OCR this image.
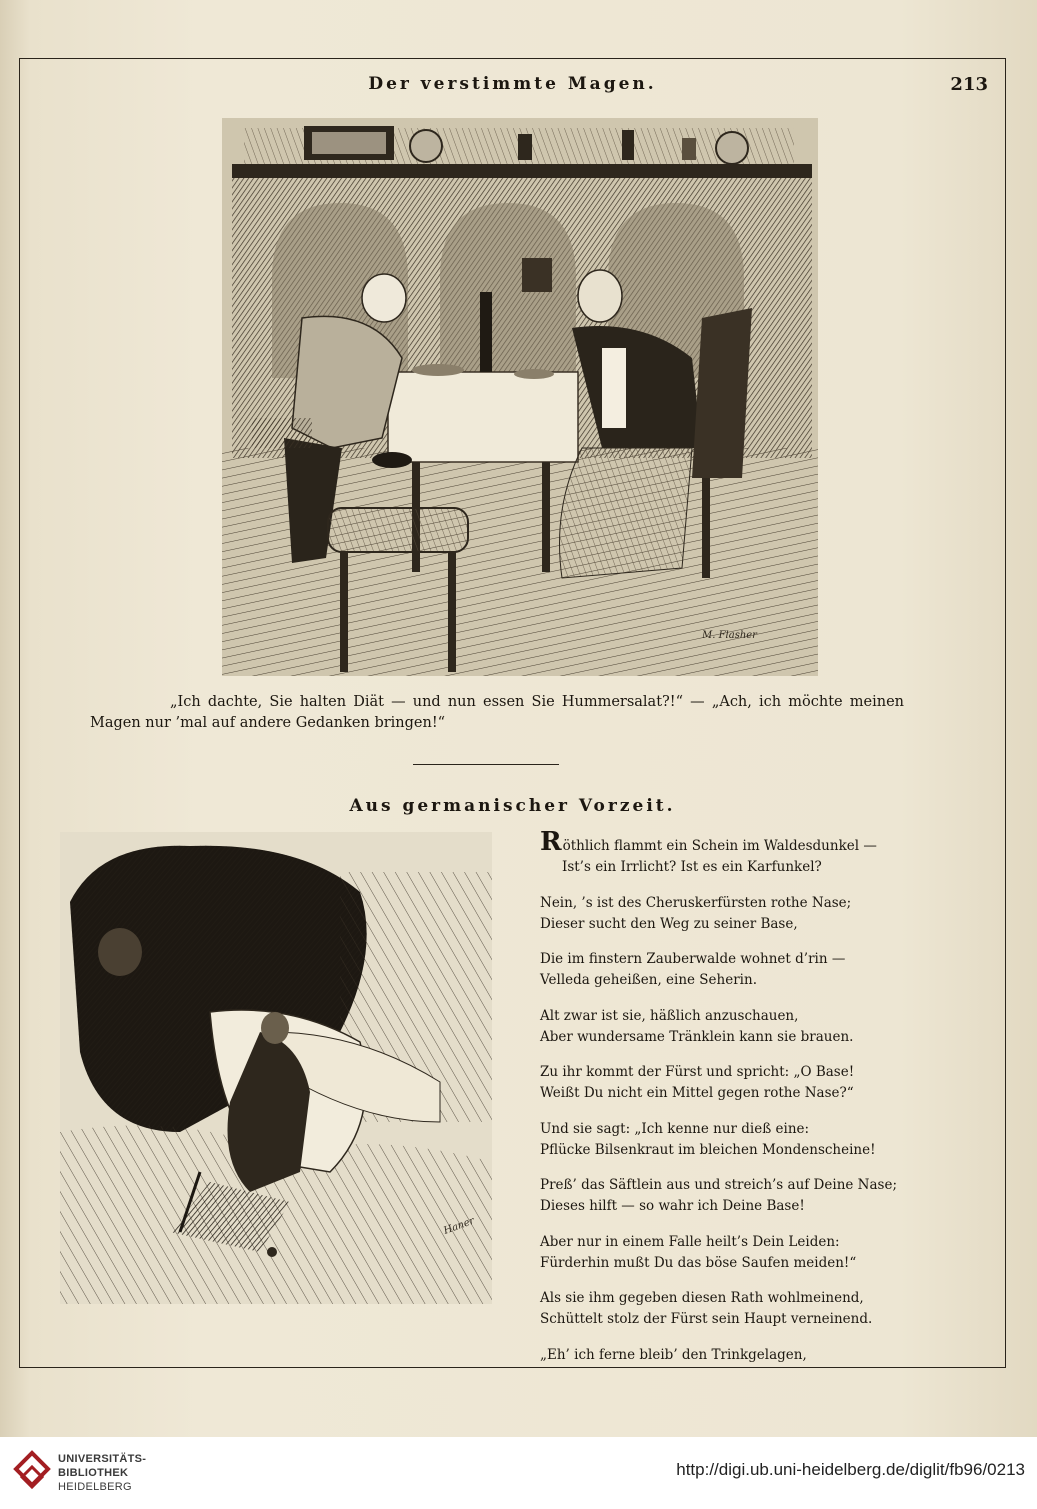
Der verstimmte Magen.	213
M. Flasher
„Ich dachte, Sie halten Diät — und nun essen Sie Hummersalat?!“ — „Ach, ich möchte meinen Magen nur ’mal auf andere Gedanken bringen!“
Aus germanischer Vorzeit.
Haner
Röthlich flammt ein Schein im Waldesdunkel —
Ist’s ein Irrlicht? Ist es ein Karfunkel?
Nein, ’s ist des Cheruskerfürsten rothe Nase;
Dieser sucht den Weg zu seiner Base,
Die im finstern Zauberwalde wohnet d’rin —
Velleda geheißen, eine Seherin.
Alt zwar ist sie, häßlich anzuschauen,
Aber wundersame Tränklein kann sie brauen.
Zu ihr kommt der Fürst und spricht: „O Base!
Weißt Du nicht ein Mittel gegen rothe Nase?“
Und sie sagt: „Ich kenne nur dieß eine:
Pflücke Bilsenkraut im bleichen Mondenscheine!
Preß’ das Säftlein aus und streich’s auf Deine Nase;
Dieses hilft — so wahr ich Deine Base!
Aber nur in einem Falle heilt’s Dein Leiden:
Fürderhin mußt Du das böse Saufen meiden!“
Als sie ihm gegeben diesen Rath wohlmeinend,
Schüttelt stolz der Fürst sein Haupt verneinend.
„Eh’ ich ferne bleib’ den Trinkgelagen,
UNIVERSITÄTS-
BIBLIOTHEK
HEIDELBERG
http://digi.ub.uni-heidelberg.de/diglit/fb96/0213
